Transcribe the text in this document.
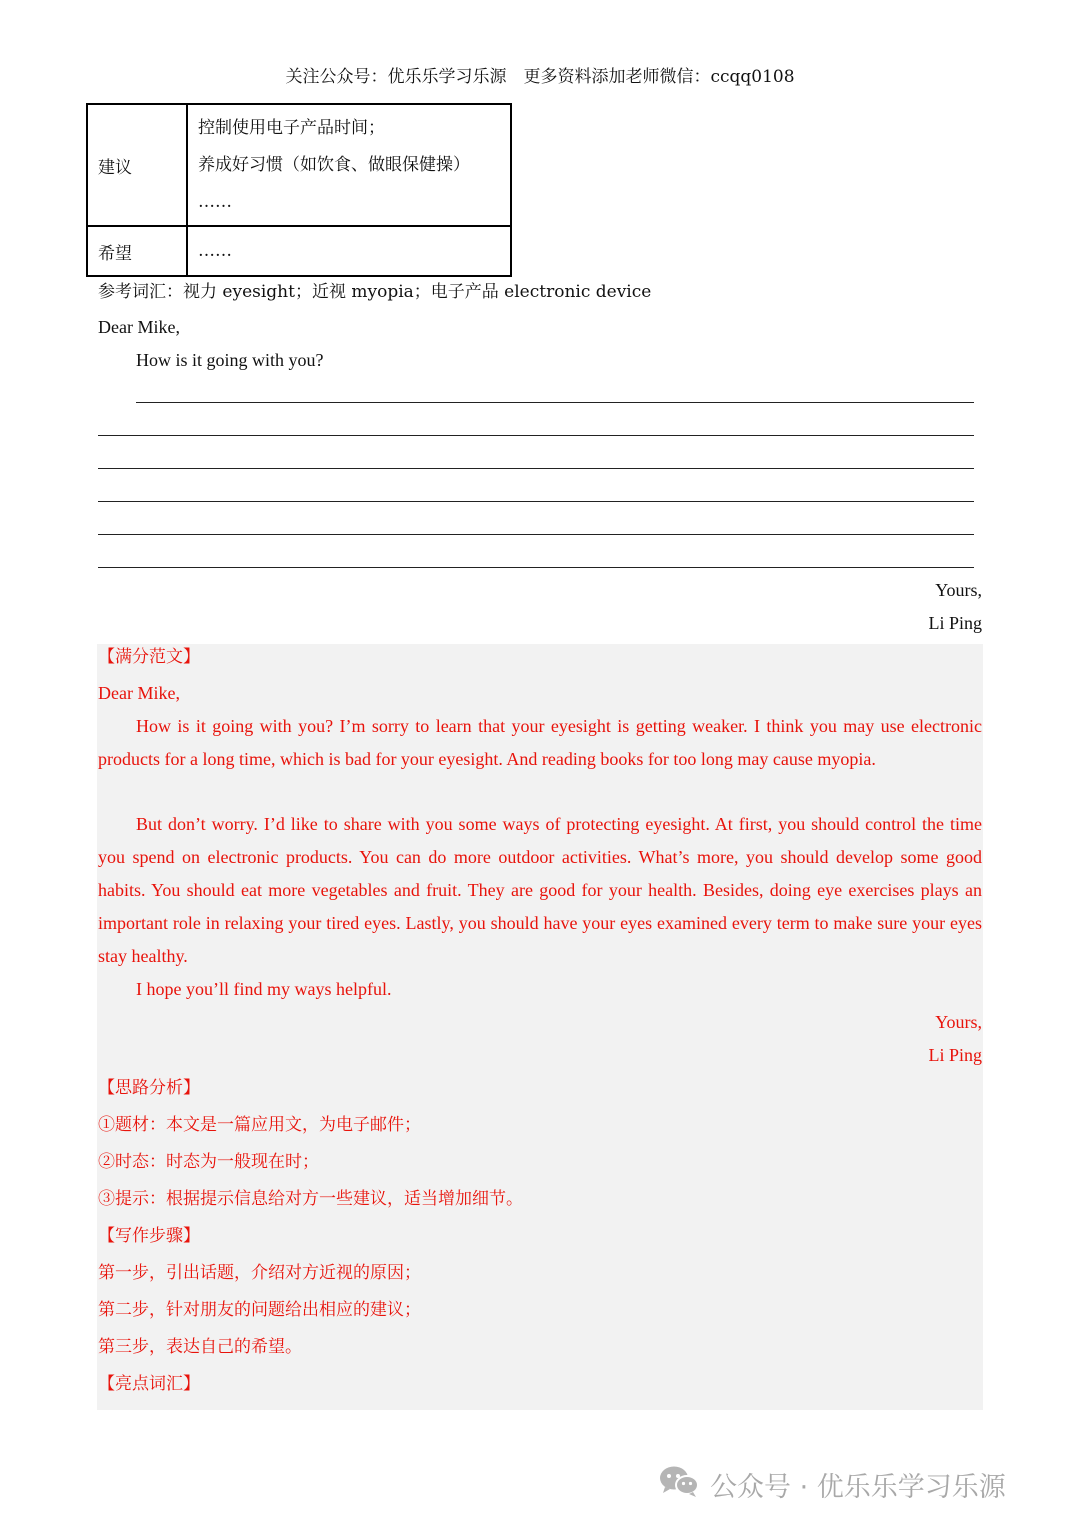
关注公众号：优乐乐学习乐源　更多资料添加老师微信：ccqq0108
建议	控制使用电子产品时间；
养成好习惯（如饮食、做眼保健操）
……

希望	……
参考词汇：视力 eyesight；近视 myopia；电子产品 electronic device
Dear Mike,
How is it going with you?
Yours,
Li Ping
【满分范文】
Dear Mike,
How is it going with you? I’m sorry to learn that your eyesight is getting weaker. I think you may use electronic products for a long time, which is bad for your eyesight. And reading books for too long may cause myopia.
But don’t worry. I’d like to share with you some ways of protecting eyesight. At first, you should control the time you spend on electronic products. You can do more outdoor activities. What’s more, you should develop some good habits. You should eat more vegetables and fruit. They are good for your health. Besides, doing eye exercises plays an important role in relaxing your tired eyes. Lastly, you should have your eyes examined every term to make sure your eyes stay healthy.
I hope you’ll find my ways helpful.
Yours,
Li Ping
【思路分析】
①题材：本文是一篇应用文，为电子邮件；
②时态：时态为一般现在时；
③提示：根据提示信息给对方一些建议，适当增加细节。
【写作步骤】
第一步，引出话题，介绍对方近视的原因；
第二步，针对朋友的问题给出相应的建议；
第三步，表达自己的希望。
【亮点词汇】
公众号 · 优乐乐学习乐源
